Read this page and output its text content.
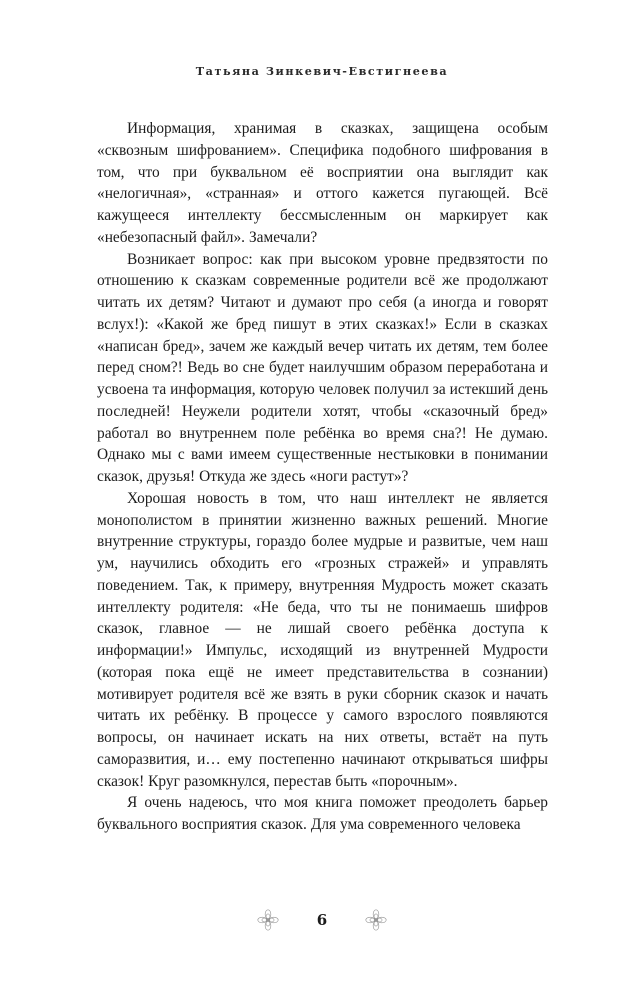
Татьяна Зинкевич-Евстигнеева

Информация, хранимая в сказках, защищена особым «сквозным шифрованием». Специфика подобного шифрования в том, что при буквальном её восприятии она выглядит как «нелогичная», «странная» и оттого кажется пугающей. Всё кажущееся интеллекту бессмысленным он маркирует как «небезопасный файл». Замечали?

Возникает вопрос: как при высоком уровне предвзятости по отношению к сказкам современные родители всё же продолжают читать их детям? Читают и думают про себя (а иногда и говорят вслух!): «Какой же бред пишут в этих сказках!» Если в сказках «написан бред», зачем же каждый вечер читать их детям, тем более перед сном?! Ведь во сне будет наилучшим образом переработана и усвоена та информация, которую человек получил за истекший день последней! Неужели родители хотят, чтобы «сказочный бред» работал во внутреннем поле ребёнка во время сна?! Не думаю. Однако мы с вами имеем существенные нестыковки в понимании сказок, друзья! Откуда же здесь «ноги растут»?

Хорошая новость в том, что наш интеллект не является монополистом в принятии жизненно важных решений. Многие внутренние структуры, гораздо более мудрые и развитые, чем наш ум, научились обходить его «грозных стражей» и управлять поведением. Так, к примеру, внутренняя Мудрость может сказать интеллекту родителя: «Не беда, что ты не понимаешь шифров сказок, главное — не лишай своего ребёнка доступа к информации!» Импульс, исходящий из внутренней Мудрости (которая пока ещё не имеет представительства в сознании) мотивирует родителя всё же взять в руки сборник сказок и начать читать их ребёнку. В процессе у самого взрослого появляются вопросы, он начинает искать на них ответы, встаёт на путь саморазвития, и… ему постепенно начинают открываться шифры сказок! Круг разомкнулся, перестав быть «порочным».

Я очень надеюсь, что моя книга поможет преодолеть барьер буквального восприятия сказок. Для ума современного человека

6
